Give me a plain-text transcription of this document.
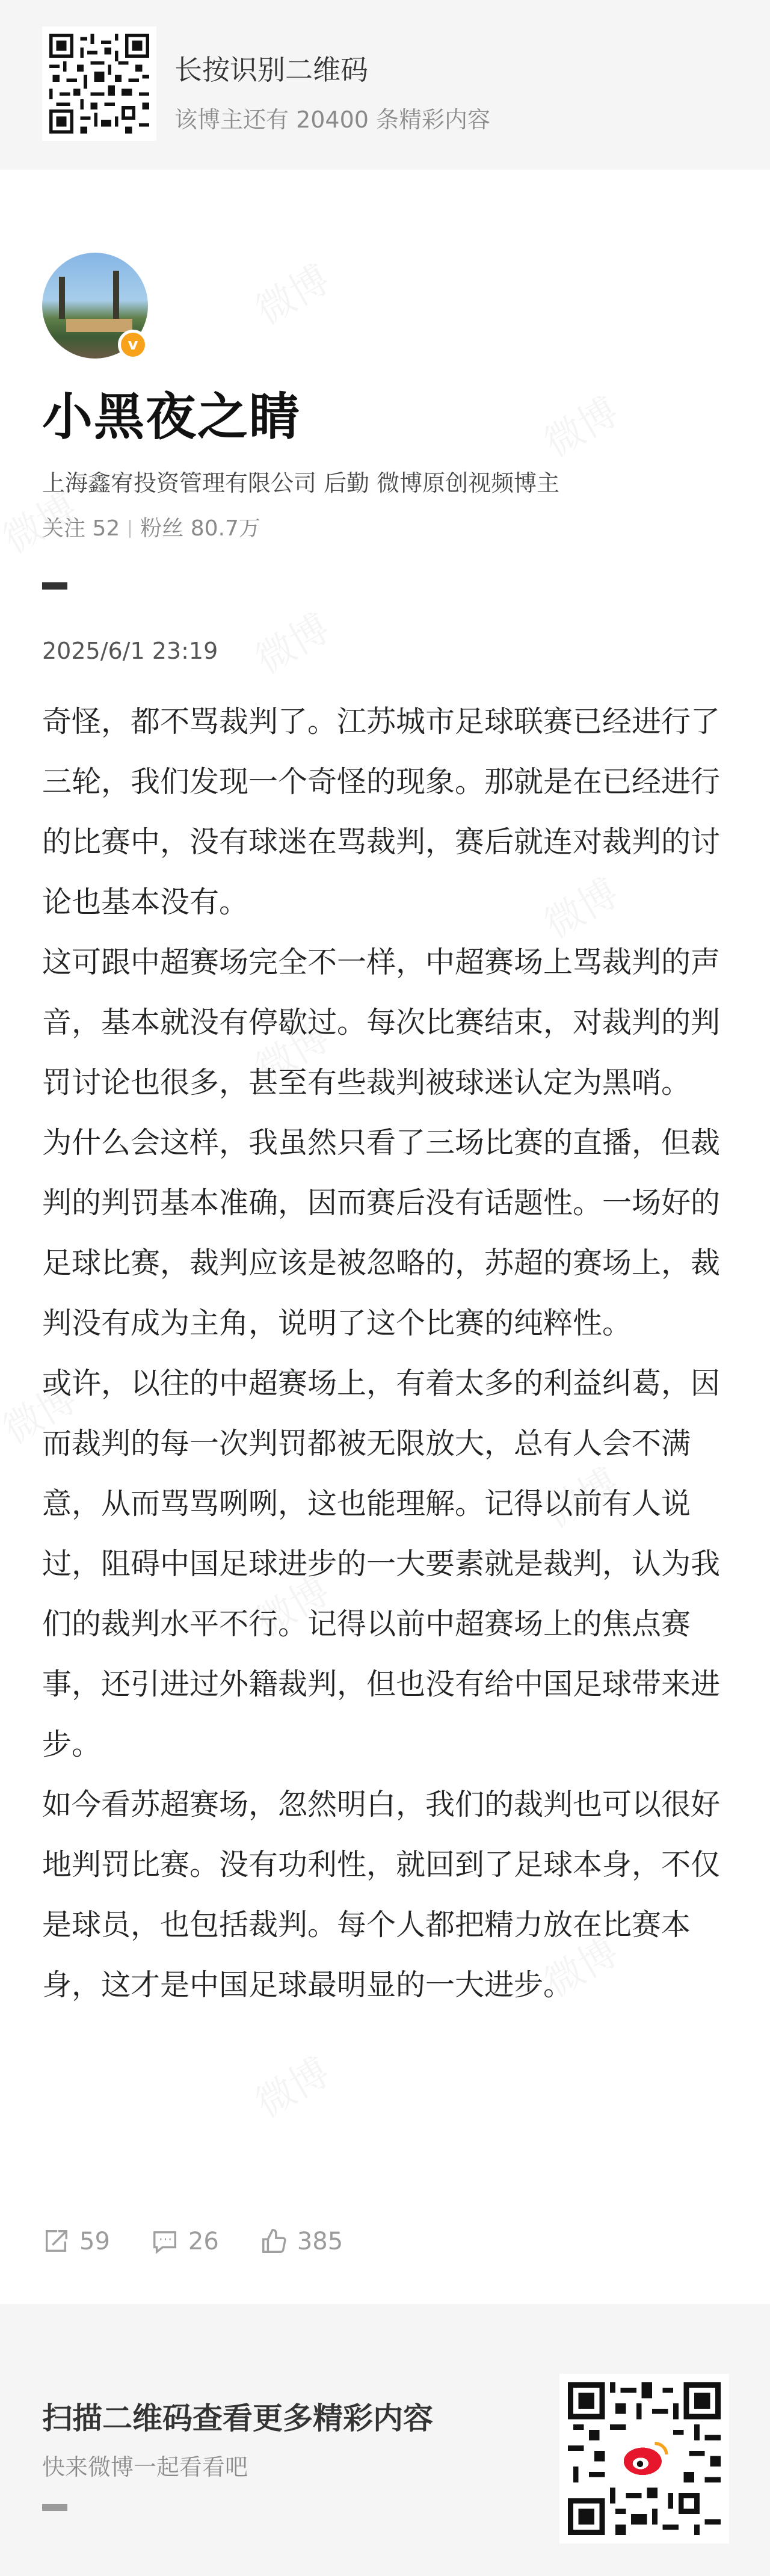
长按识别二维码
该博主还有 20400 条精彩内容
v
小黑夜之睛
上海鑫宥投资管理有限公司 后勤 微博原创视频博主
关注 52 粉丝 80.7万
2025/6/1 23:19

奇怪，都不骂裁判了。江苏城市足球联赛已经进行了三轮，我们发现一个奇怪的现象。那就是在已经进行的比赛中，没有球迷在骂裁判，赛后就连对裁判的讨论也基本没有。

这可跟中超赛场完全不一样，中超赛场上骂裁判的声音，基本就没有停歇过。每次比赛结束，对裁判的判罚讨论也很多，甚至有些裁判被球迷认定为黑哨。

为什么会这样，我虽然只看了三场比赛的直播，但裁判的判罚基本准确，因而赛后没有话题性。一场好的足球比赛，裁判应该是被忽略的，苏超的赛场上，裁判没有成为主角，说明了这个比赛的纯粹性。

或许，以往的中超赛场上，有着太多的利益纠葛，因而裁判的每一次判罚都被无限放大，总有人会不满意，从而骂骂咧咧，这也能理解。记得以前有人说过，阻碍中国足球进步的一大要素就是裁判，认为我们的裁判水平不行。记得以前中超赛场上的焦点赛事，还引进过外籍裁判，但也没有给中国足球带来进步。

如今看苏超赛场，忽然明白，我们的裁判也可以很好地判罚比赛。没有功利性，就回到了足球本身，不仅是球员，也包括裁判。每个人都把精力放在比赛本身，这才是中国足球最明显的一大进步。

59	26	385
扫描二维码查看更多精彩内容
快来微博一起看看吧
